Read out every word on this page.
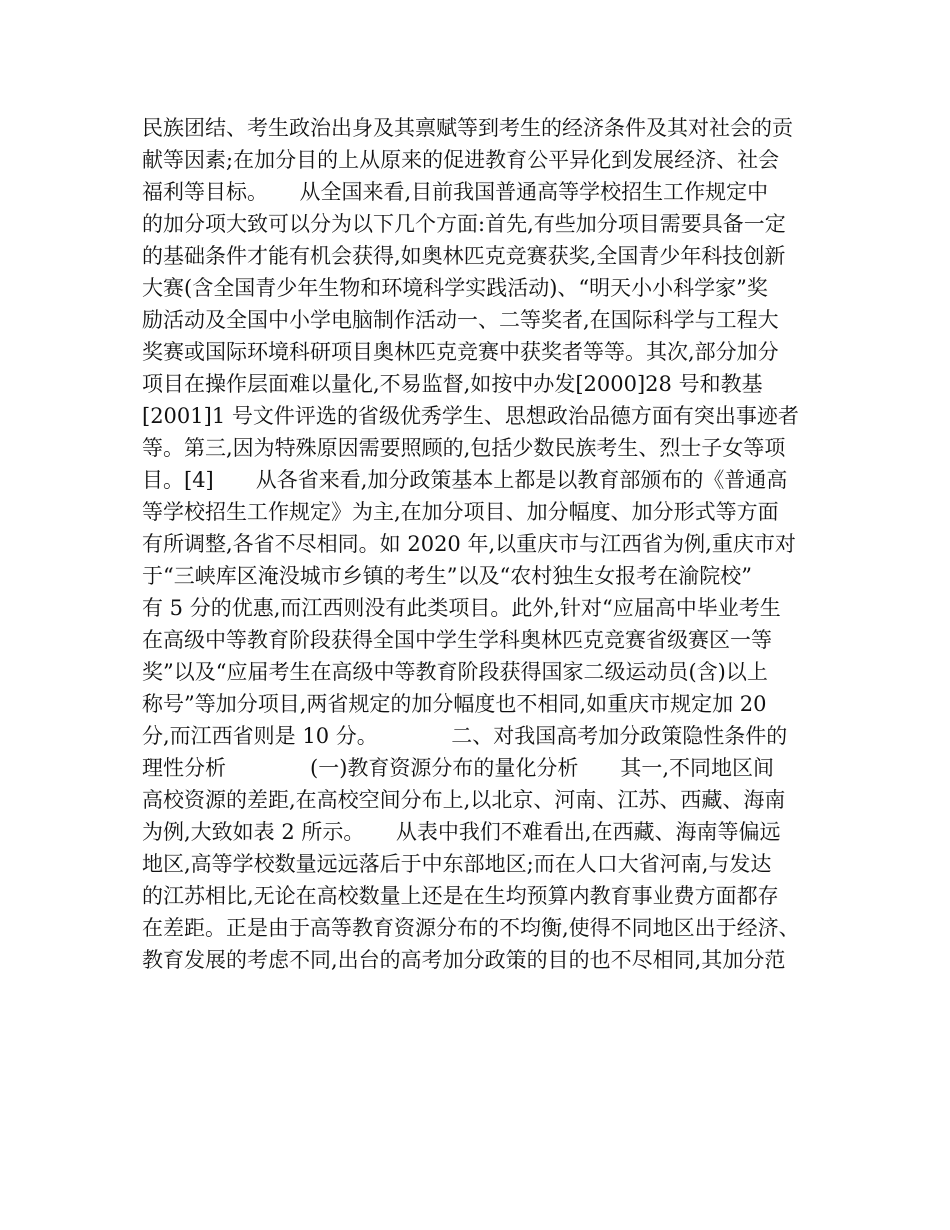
民族团结、考生政治出身及其禀赋等到考生的经济条件及其对社会的贡
献等因素;在加分目的上从原来的促进教育公平异化到发展经济、社会
福利等目标。　　从全国来看,目前我国普通高等学校招生工作规定中
的加分项大致可以分为以下几个方面:首先,有些加分项目需要具备一定
的基础条件才能有机会获得,如奥林匹克竞赛获奖,全国青少年科技创新
大赛(含全国青少年生物和环境科学实践活动)、“明天小小科学家”奖
励活动及全国中小学电脑制作活动一、二等奖者,在国际科学与工程大
奖赛或国际环境科研项目奥林匹克竞赛中获奖者等等。其次,部分加分
项目在操作层面难以量化,不易监督,如按中办发[2000]28 号和教基
[2001]1 号文件评选的省级优秀学生、思想政治品德方面有突出事迹者
等。第三,因为特殊原因需要照顾的,包括少数民族考生、烈士子女等项
目。[4]　　从各省来看,加分政策基本上都是以教育部颁布的《普通高
等学校招生工作规定》为主,在加分项目、加分幅度、加分形式等方面
有所调整,各省不尽相同。如 2020 年,以重庆市与江西省为例,重庆市对
于“三峡库区淹没城市乡镇的考生”以及“农村独生女报考在渝院校”
有 5 分的优惠,而江西则没有此类项目。此外,针对“应届高中毕业考生
在高级中等教育阶段获得全国中学生学科奥林匹克竞赛省级赛区一等
奖”以及“应届考生在高级中等教育阶段获得国家二级运动员(含)以上
称号”等加分项目,两省规定的加分幅度也不相同,如重庆市规定加 20
分,而江西省则是 10 分。　　　　二、对我国高考加分政策隐性条件的
理性分析　　　　(一)教育资源分布的量化分析　　其一,不同地区间
高校资源的差距,在高校空间分布上,以北京、河南、江苏、西藏、海南
为例,大致如表 2 所示。　　从表中我们不难看出,在西藏、海南等偏远
地区,高等学校数量远远落后于中东部地区;而在人口大省河南,与发达
的江苏相比,无论在高校数量上还是在生均预算内教育事业费方面都存
在差距。正是由于高等教育资源分布的不均衡,使得不同地区出于经济、
教育发展的考虑不同,出台的高考加分政策的目的也不尽相同,其加分范
